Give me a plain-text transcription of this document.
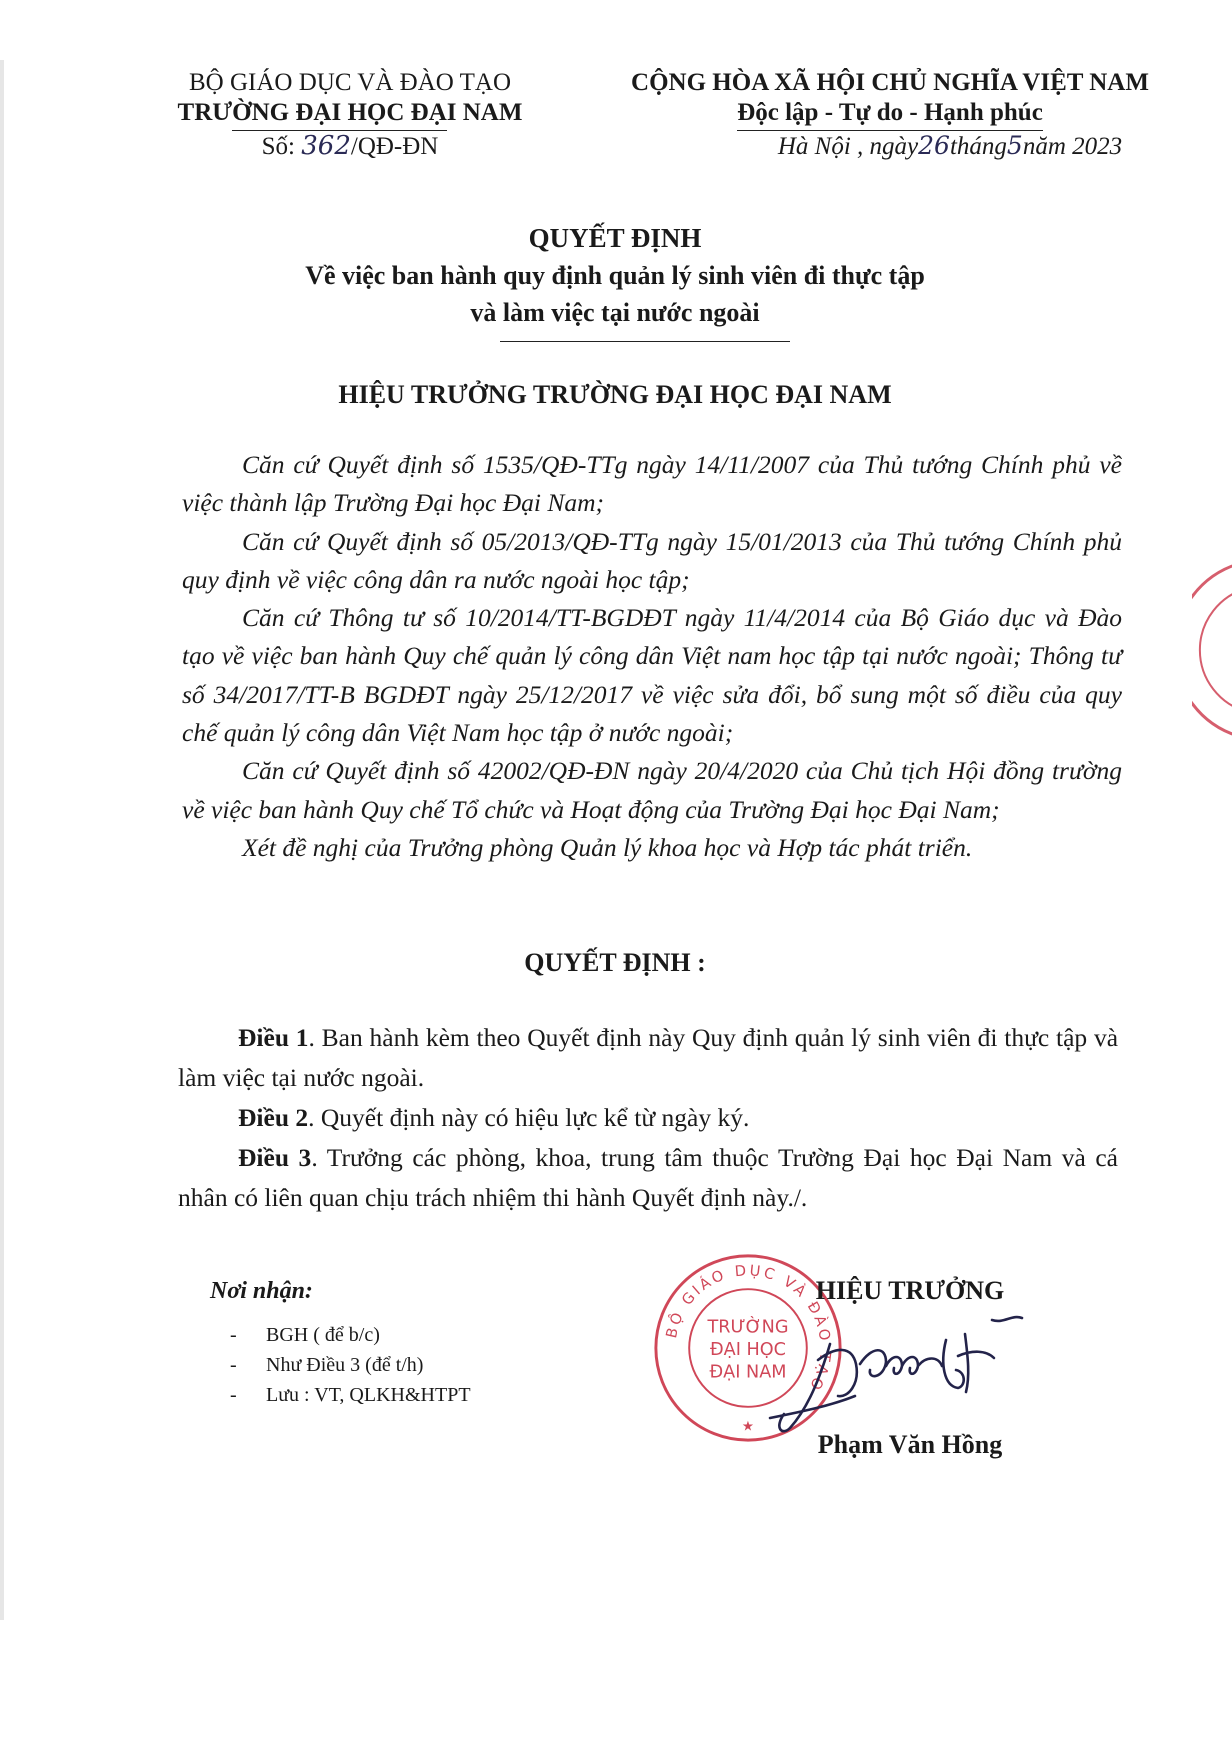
BỘ GIÁO DỤC VÀ ĐÀO TẠO
TRƯỜNG ĐẠI HỌC ĐẠI NAM
Số: 362/QĐ-ĐN
CỘNG HÒA XÃ HỘI CHỦ NGHĨA VIỆT NAM
Độc lập - Tự do - Hạnh phúc
Hà Nội , ngày26tháng5năm 2023
QUYẾT ĐỊNH
Về việc ban hành quy định quản lý sinh viên đi thực tập
và làm việc tại nước ngoài
HIỆU TRƯỞNG TRƯỜNG ĐẠI HỌC ĐẠI NAM

Căn cứ Quyết định số 1535/QĐ-TTg ngày 14/11/2007 của Thủ tướng Chính phủ về việc thành lập Trường Đại học Đại Nam;

Căn cứ Quyết định số 05/2013/QĐ-TTg ngày 15/01/2013 của Thủ tướng Chính phủ quy định về việc công dân ra nước ngoài học tập;

Căn cứ Thông tư số 10/2014/TT-BGDĐT ngày 11/4/2014 của Bộ Giáo dục và Đào tạo về việc ban hành Quy chế quản lý công dân Việt nam học tập tại nước ngoài; Thông tư số 34/2017/TT-B BGDĐT ngày 25/12/2017 về việc sửa đổi, bổ sung một số điều của quy chế quản lý công dân Việt Nam học tập ở nước ngoài;

Căn cứ Quyết định số 42002/QĐ-ĐN ngày 20/4/2020 của Chủ tịch Hội đồng trường về việc ban hành Quy chế Tổ chức và Hoạt động của Trường Đại học Đại Nam;

Xét đề nghị của Trưởng phòng Quản lý khoa học và Hợp tác phát triển.

QUYẾT ĐỊNH :

Điều 1. Ban hành kèm theo Quyết định này Quy định quản lý sinh viên đi thực tập và làm việc tại nước ngoài.

Điều 2. Quyết định này có hiệu lực kể từ ngày ký.

Điều 3. Trưởng các phòng, khoa, trung tâm thuộc Trường Đại học Đại Nam và cá nhân có liên quan chịu trách nhiệm thi hành Quyết định này./.

Nơi nhận:
-	BGH ( để b/c)
-	Như Điều 3 (để t/h)
-	Lưu : VT, QLKH&HTPT
BỘ GIÁO DỤC VÀ ĐÀO TẠO
TRƯỜNG
ĐẠI HỌC
ĐẠI NAM
★
HIỆU TRƯỞNG
Phạm Văn Hồng
